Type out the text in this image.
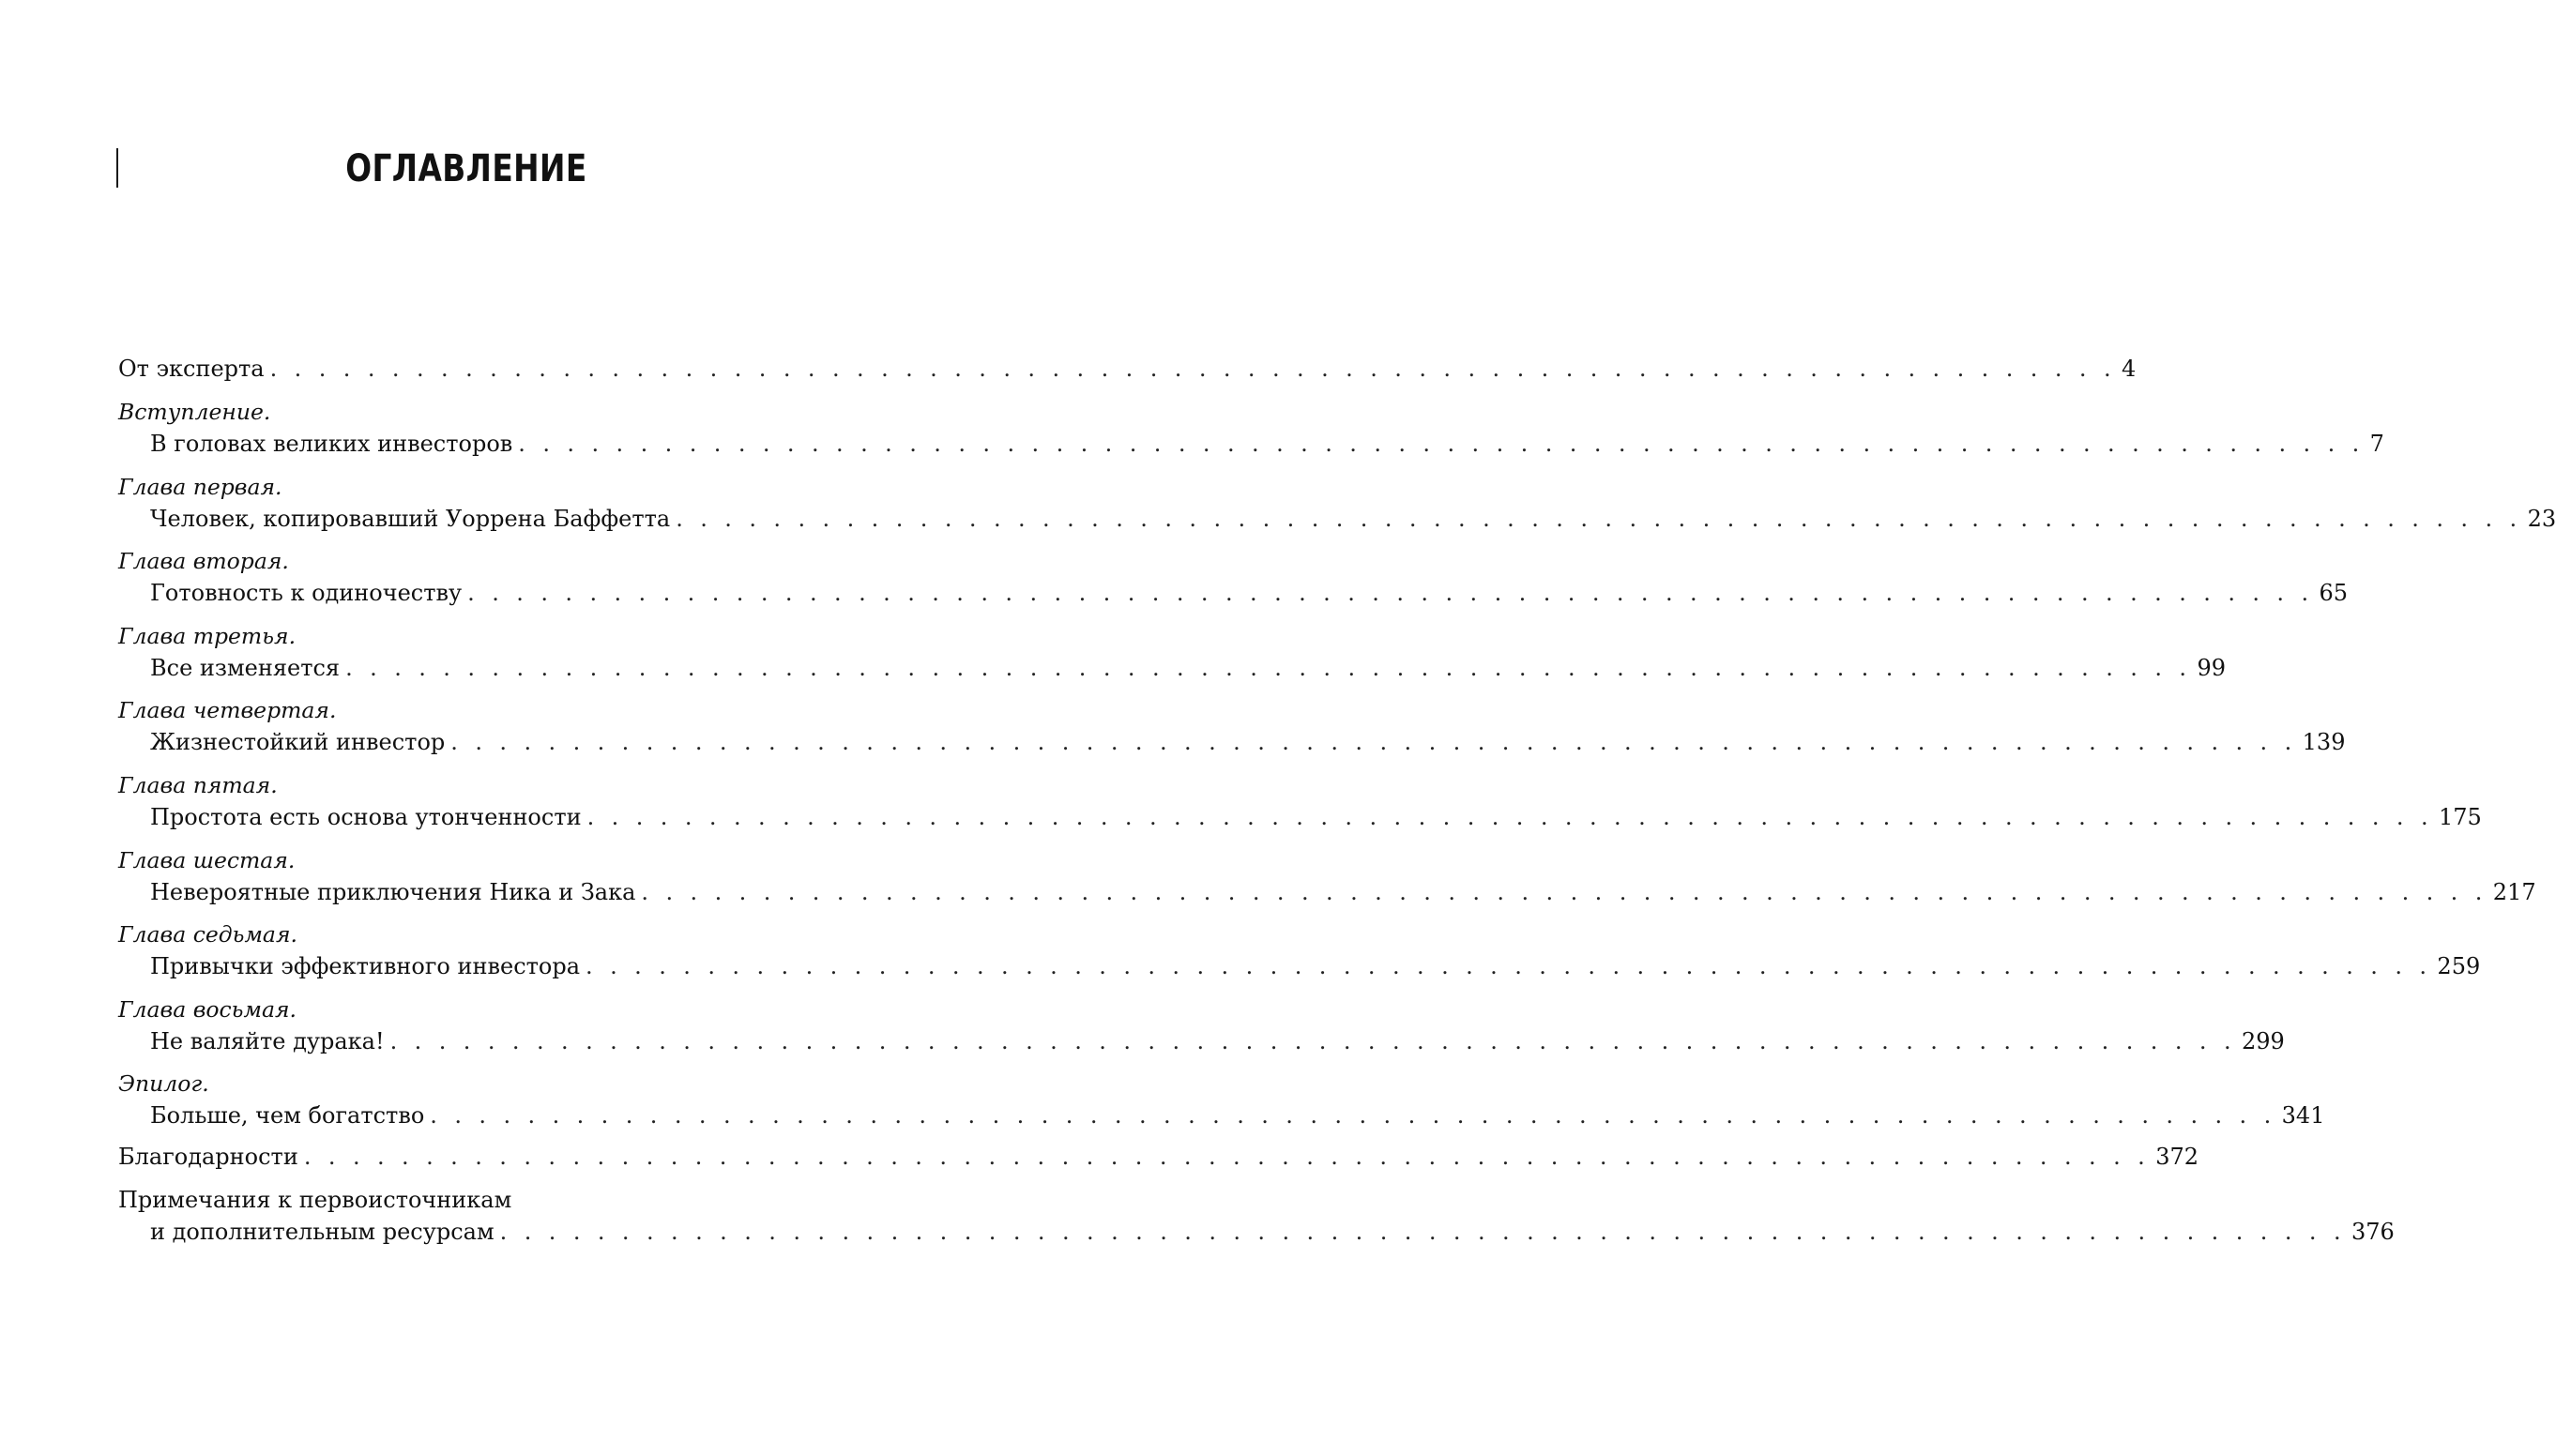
ОГЛАВЛЕНИЕ
От эксперта . . . . . . . . . . . . . . . . . . . . . . . . . . . . . . . . . . . . . . . . . . . . . . . . . . . . . . . . . . . . . . . . . . . . . . . . . . . . 4
Вступление.
В головах великих инвесторов . . . . . . . . . . . . . . . . . . . . . . . . . . . . . . . . . . . . . . . . . . . . . . . . . . . . . . . . . . . . . . . . . . . . . . . . . . . . 7
Глава первая.
Человек, копировавший Уоррена Баффетта . . . . . . . . . . . . . . . . . . . . . . . . . . . . . . . . . . . . . . . . . . . . . . . . . . . . . . . . . . . . . . . . . . . . . . . . . . . . 23
Глава вторая.
Готовность к одиночеству . . . . . . . . . . . . . . . . . . . . . . . . . . . . . . . . . . . . . . . . . . . . . . . . . . . . . . . . . . . . . . . . . . . . . . . . . . . . 65
Глава третья.
Все изменяется . . . . . . . . . . . . . . . . . . . . . . . . . . . . . . . . . . . . . . . . . . . . . . . . . . . . . . . . . . . . . . . . . . . . . . . . . . . . 99
Глава четвертая.
Жизнестойкий инвестор . . . . . . . . . . . . . . . . . . . . . . . . . . . . . . . . . . . . . . . . . . . . . . . . . . . . . . . . . . . . . . . . . . . . . . . . . . . . 139
Глава пятая.
Простота есть основа утонченности . . . . . . . . . . . . . . . . . . . . . . . . . . . . . . . . . . . . . . . . . . . . . . . . . . . . . . . . . . . . . . . . . . . . . . . . . . . . 175
Глава шестая.
Невероятные приключения Ника и Зака . . . . . . . . . . . . . . . . . . . . . . . . . . . . . . . . . . . . . . . . . . . . . . . . . . . . . . . . . . . . . . . . . . . . . . . . . . . . 217
Глава седьмая.
Привычки эффективного инвестора . . . . . . . . . . . . . . . . . . . . . . . . . . . . . . . . . . . . . . . . . . . . . . . . . . . . . . . . . . . . . . . . . . . . . . . . . . . . 259
Глава восьмая.
Не валяйте дурака! . . . . . . . . . . . . . . . . . . . . . . . . . . . . . . . . . . . . . . . . . . . . . . . . . . . . . . . . . . . . . . . . . . . . . . . . . . . . 299
Эпилог.
Больше, чем богатство . . . . . . . . . . . . . . . . . . . . . . . . . . . . . . . . . . . . . . . . . . . . . . . . . . . . . . . . . . . . . . . . . . . . . . . . . . . . 341
Благодарности . . . . . . . . . . . . . . . . . . . . . . . . . . . . . . . . . . . . . . . . . . . . . . . . . . . . . . . . . . . . . . . . . . . . . . . . . . . . 372
Примечания к первоисточникам
и дополнительным ресурсам . . . . . . . . . . . . . . . . . . . . . . . . . . . . . . . . . . . . . . . . . . . . . . . . . . . . . . . . . . . . . . . . . . . . . . . . . . . . 376
